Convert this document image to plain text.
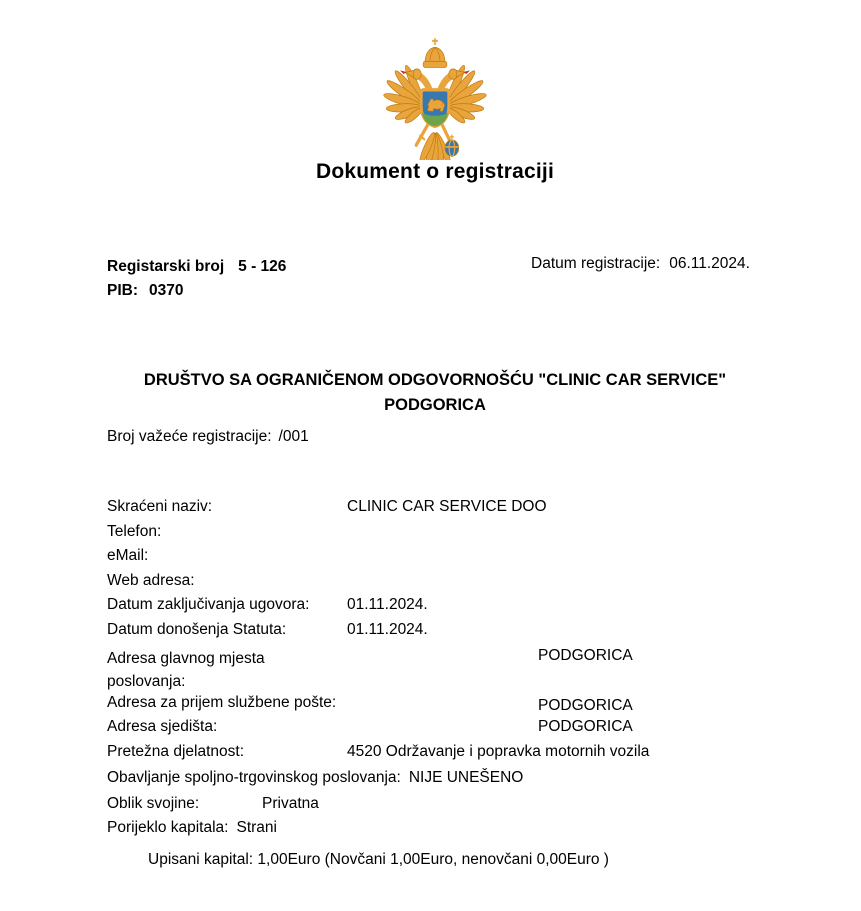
Dokument o registraciji
Registarski broj 5 - 126
PIB: 0370
Datum registracije: 06.11.2024.
DRUŠTVO SA OGRANIČENOM ODGOVORNOŠĆU "CLINIC CAR SERVICE"
PODGORICA
Broj važeće registracije: /001
Skraćeni naziv:	CLINIC CAR SERVICE DOO
Telefon:
eMail:
Web adresa:
Datum zaključivanja ugovora: 01.11.2024.
Datum donošenja Statuta:	01.11.2024.
Adresa glavnog mjesta poslovanja:
PODGORICA
Adresa za prijem službene pošte:	PODGORICA
Adresa sjedišta:	PODGORICA
Pretežna djelatnost:	4520 Održavanje i popravka motornih vozila
Obavljanje spoljno-trgovinskog poslovanja: NIJE UNEŠENO
Oblik svojine:	Privatna
Porijeklo kapitala: Strani
Upisani kapital: 1,00Euro (Novčani 1,00Euro, nenovčani 0,00Euro )
